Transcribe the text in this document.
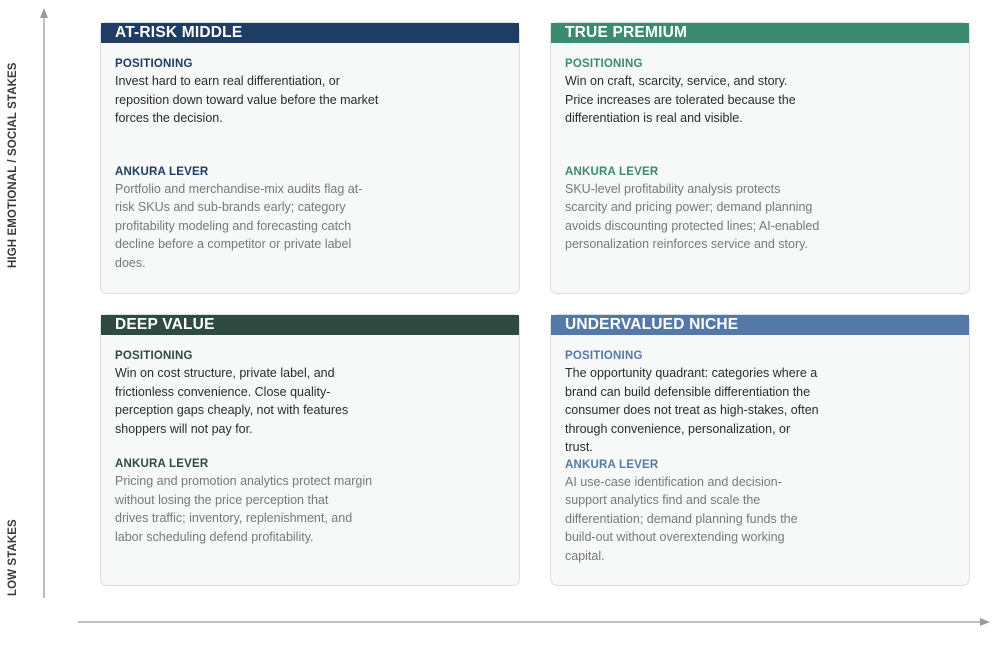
HIGH EMOTIONAL / SOCIAL STAKES
LOW STAKES
AT-RISK MIDDLE
POSITIONING
Invest hard to earn real differentiation, or
reposition down toward value before the market
forces the decision.
ANKURA LEVER
Portfolio and merchandise-mix audits flag at-
risk SKUs and sub-brands early; category
profitability modeling and forecasting catch
decline before a competitor or private label
does.
TRUE PREMIUM
POSITIONING
Win on craft, scarcity, service, and story.
Price increases are tolerated because the
differentiation is real and visible.
ANKURA LEVER
SKU-level profitability analysis protects
scarcity and pricing power; demand planning
avoids discounting protected lines; AI-enabled
personalization reinforces service and story.
DEEP VALUE
POSITIONING
Win on cost structure, private label, and
frictionless convenience. Close quality-
perception gaps cheaply, not with features
shoppers will not pay for.
ANKURA LEVER
Pricing and promotion analytics protect margin
without losing the price perception that
drives traffic; inventory, replenishment, and
labor scheduling defend profitability.
UNDERVALUED NICHE
POSITIONING
The opportunity quadrant: categories where a
brand can build defensible differentiation the
consumer does not treat as high-stakes, often
through convenience, personalization, or
trust.
ANKURA LEVER
AI use-case identification and decision-
support analytics find and scale the
differentiation; demand planning funds the
build-out without overextending working
capital.
